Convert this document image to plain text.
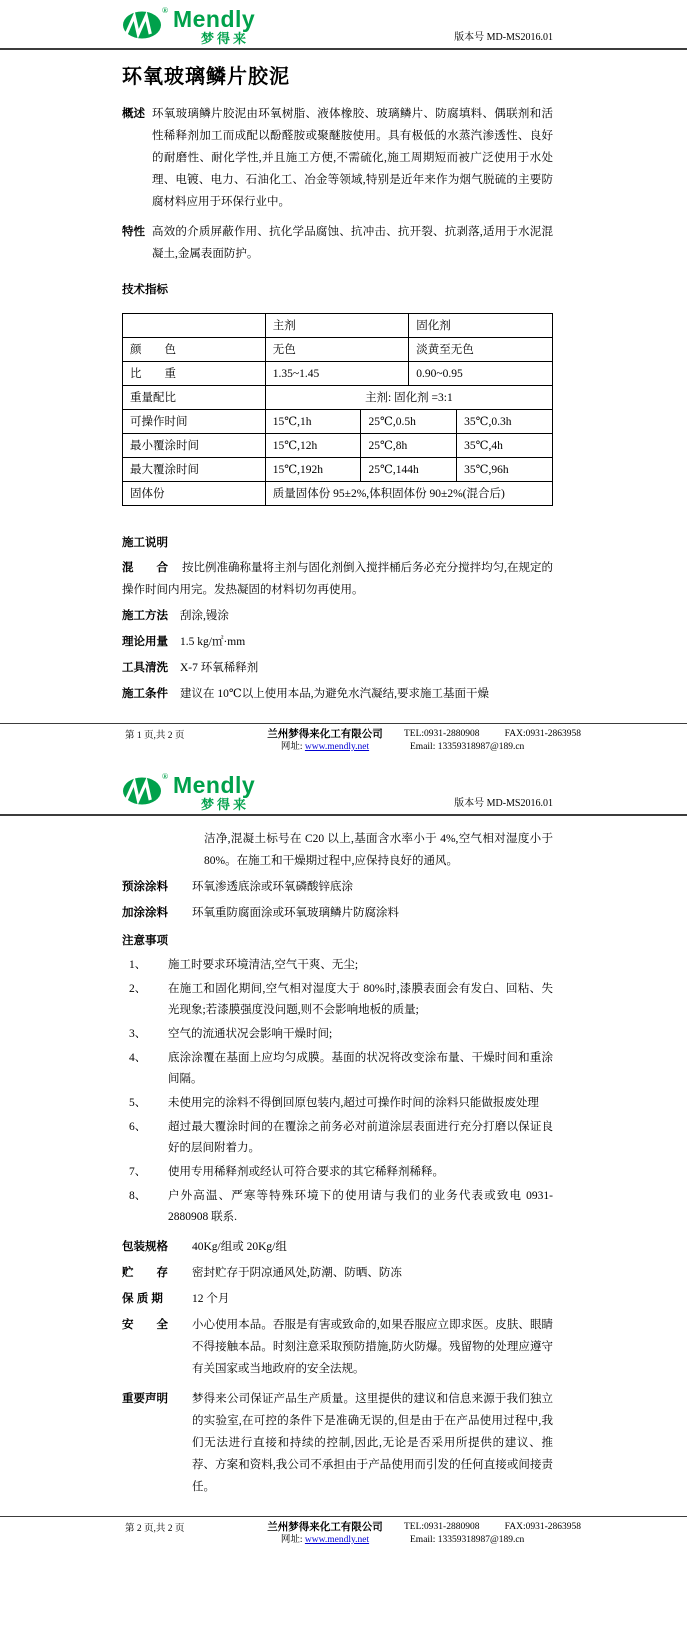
® Mendly
梦得来	版本号 MD-MS2016.01
环氧玻璃鳞片胶泥
概述 环氧玻璃鳞片胶泥由环氧树脂、液体橡胶、玻璃鳞片、防腐填料、偶联剂和活性稀释剂加工而成配以酚醛胺或聚醚胺使用。具有极低的水蒸汽渗透性、良好的耐磨性、耐化学性,并且施工方便,不需硫化,施工周期短而被广泛使用于水处理、电镀、电力、石油化工、冶金等领域,特别是近年来作为烟气脱硫的主要防腐材料应用于环保行业中。
特性 高效的介质屏蔽作用、抗化学品腐蚀、抗冲击、抗开裂、抗剥落,适用于水泥混凝土,金属表面防护。
技术指标
	主剂		固化剂	
颜　　色	无色		淡黄至无色	
比　　重	1.35~1.45		0.90~0.95	
重量配比	主剂: 固化剂 =3:1			
可操作时间	15℃,1h	25℃,0.5h		35℃,0.3h
最小覆涂时间	15℃,12h	25℃,8h		35℃,4h
最大覆涂时间	15℃,192h	25℃,144h		35℃,96h
固体份	质量固体份 95±2%,体积固体份 90±2%(混合后)			
施工说明
混　　合 按比例准确称量将主剂与固化剂倒入搅拌桶后务必充分搅拌均匀,在规定的操作时间内用完。发热凝固的材料切勿再使用。
施工方法	刮涂,镘涂
理论用量	1.5 kg/㎡·mm
工具清洗	X-7 环氧稀释剂
施工条件	建议在 10℃以上使用本品,为避免水汽凝结,要求施工基面干燥
第 1 页,共 2 页	兰州梦得来化工有限公司
网址: www.mendly.net
TEL:0931-2880908	FAX:0931-2863958
Email: 13359318987@189.cn
® Mendly
梦得来	版本号 MD-MS2016.01
洁净,混凝土标号在 C20 以上,基面含水率小于 4%,空气相对湿度小于 80%。在施工和干燥期过程中,应保持良好的通风。
预涂涂料	环氧渗透底涂或环氧磷酸锌底涂
加涂涂料	环氧重防腐面涂或环氧玻璃鳞片防腐涂料
注意事项
1、	施工时要求环境清洁,空气干爽、无尘;
2、	在施工和固化期间,空气相对湿度大于 80%时,漆膜表面会有发白、回粘、失光现象;若漆膜强度没问题,则不会影响地板的质量;
3、	空气的流通状况会影响干燥时间;
4、	底涂涂覆在基面上应均匀成膜。基面的状况将改变涂布量、干燥时间和重涂间隔。
5、	未使用完的涂料不得倒回原包装内,超过可操作时间的涂料只能做报废处理
6、	超过最大覆涂时间的在覆涂之前务必对前道涂层表面进行充分打磨以保证良好的层间附着力。
7、	使用专用稀释剂或经认可符合要求的其它稀释剂稀释。
8、	户外高温、严寒等特殊环境下的使用请与我们的业务代表或致电 0931-2880908 联系.
包装规格	40Kg/组或 20Kg/组
贮　　存	密封贮存于阴凉通风处,防潮、防晒、防冻
保 质 期	12 个月
安　　全	小心使用本品。吞服是有害或致命的,如果吞服应立即求医。皮肤、眼睛不得接触本品。时刻注意采取预防措施,防火防爆。残留物的处理应遵守有关国家或当地政府的安全法规。
重要声明	梦得来公司保证产品生产质量。这里提供的建议和信息来源于我们独立的实验室,在可控的条件下是准确无误的,但是由于在产品使用过程中,我们无法进行直接和持续的控制,因此,无论是否采用所提供的建议、推荐、方案和资料,我公司不承担由于产品使用而引发的任何直接或间接责任。
第 2 页,共 2 页	兰州梦得来化工有限公司
网址: www.mendly.net
TEL:0931-2880908	FAX:0931-2863958
Email: 13359318987@189.cn
